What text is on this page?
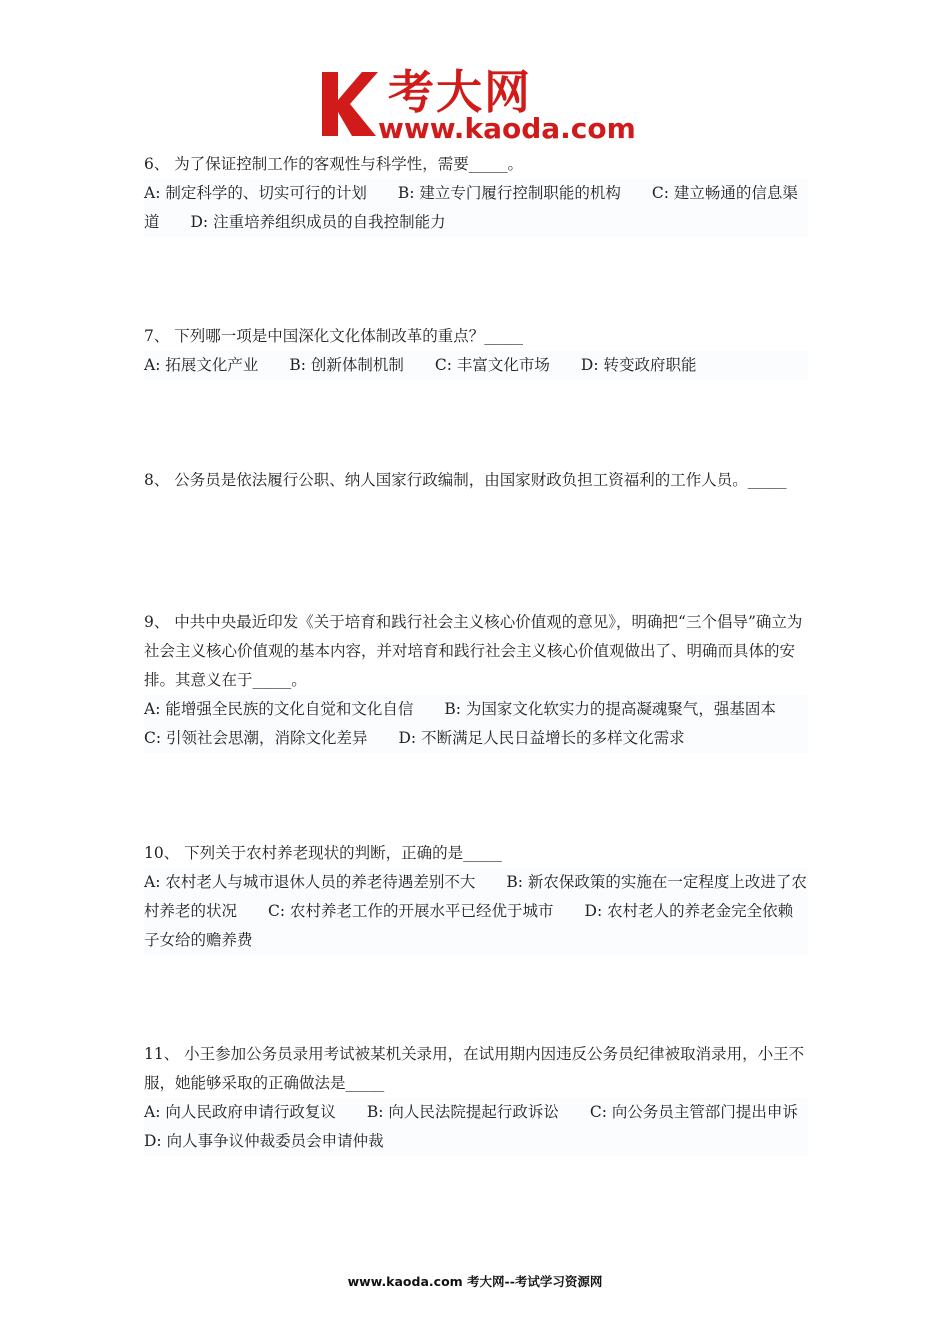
考大网
www.kaoda.com

6、 为了保证控制工作的客观性与科学性，需要_____。

A: 制定科学的、切实可行的计划　　B: 建立专门履行控制职能的机构　　C: 建立畅通的信息渠道　　D: 注重培养组织成员的自我控制能力

7、 下列哪一项是中国深化文化体制改革的重点？_____

A: 拓展文化产业　　B: 创新体制机制　　C: 丰富文化市场　　D: 转变政府职能

8、 公务员是依法履行公职、纳人国家行政编制，由国家财政负担工资福利的工作人员。_____

9、 中共中央最近印发《关于培育和践行社会主义核心价值观的意见》，明确把“三个倡导”确立为社会主义核心价值观的基本内容，并对培育和践行社会主义核心价值观做出了、明确而具体的安排。其意义在于_____。

A: 能增强全民族的文化自觉和文化自信　　B: 为国家文化软实力的提高凝魂聚气，强基固本　　C: 引领社会思潮，消除文化差异　　D: 不断满足人民日益增长的多样文化需求

10、 下列关于农村养老现状的判断，正确的是_____

A: 农村老人与城市退休人员的养老待遇差别不大　　B: 新农保政策的实施在一定程度上改进了农村养老的状况　　C: 农村养老工作的开展水平已经优于城市　　D: 农村老人的养老金完全依赖子女给的赡养费

11、 小王参加公务员录用考试被某机关录用，在试用期内因违反公务员纪律被取消录用，小王不服，她能够采取的正确做法是_____

A: 向人民政府申请行政复议　　B: 向人民法院提起行政诉讼　　C: 向公务员主管部门提出申诉　　D: 向人事争议仲裁委员会申请仲裁

www.kaoda.com 考大网--考试学习资源网
